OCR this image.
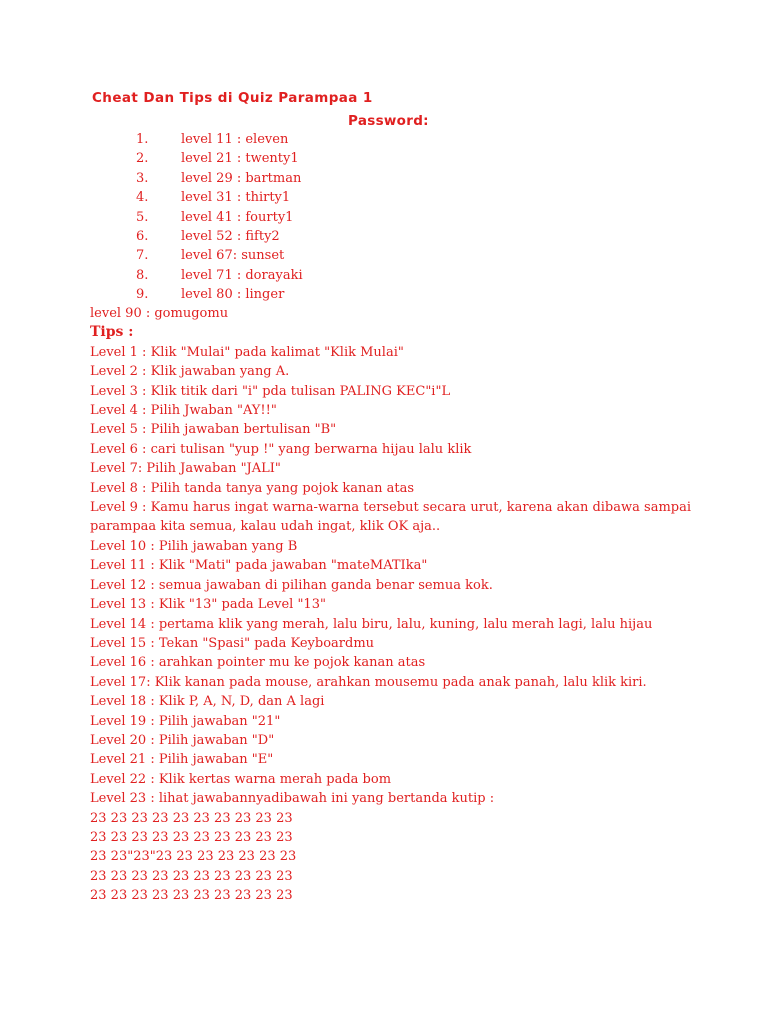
Cheat Dan Tips di Quiz Parampaa 1
Password:
1.	level 11 : eleven
2.	level 21 : twenty1
3.	level 29 : bartman
4.	level 31 : thirty1
5.	level 41 : fourty1
6.	level 52 : fifty2
7.	level 67: sunset
8.	level 71 : dorayaki
9.	level 80 : linger
level 90 : gomugomu
Tips :
Level 1 : Klik "Mulai" pada kalimat "Klik Mulai"
Level 2 : Klik jawaban yang A.
Level 3 : Klik titik dari "i" pda tulisan PALING KEC"i"L
Level 4 : Pilih Jwaban "AY!!"
Level 5 : Pilih jawaban bertulisan "B"
Level 6 : cari tulisan "yup !" yang berwarna hijau lalu klik
Level 7: Pilih Jawaban "JALI"
Level 8 : Pilih tanda tanya yang pojok kanan atas
Level 9 : Kamu harus ingat warna-warna tersebut secara urut, karena akan dibawa sampai parampaa kita semua, kalau udah ingat, klik OK aja..
Level 10 : Pilih jawaban yang B
Level 11 : Klik "Mati" pada jawaban "mateMATIka"
Level 12 : semua jawaban di pilihan ganda benar semua kok.
Level 13 : Klik "13" pada Level "13"
Level 14 : pertama klik yang merah, lalu biru, lalu, kuning, lalu merah lagi, lalu hijau
Level 15 : Tekan "Spasi" pada Keyboardmu
Level 16 : arahkan pointer mu ke pojok kanan atas
Level 17: Klik kanan pada mouse, arahkan mousemu pada anak panah, lalu klik kiri.
Level 18 : Klik P, A, N, D, dan A lagi
Level 19 : Pilih jawaban "21"
Level 20 : Pilih jawaban "D"
Level 21 : Pilih jawaban "E"
Level 22 : Klik kertas warna merah pada bom
Level 23 : lihat jawabannyadibawah ini yang bertanda kutip :
23 23 23 23 23 23 23 23 23 23
23 23 23 23 23 23 23 23 23 23
23 23"23"23 23 23 23 23 23 23
23 23 23 23 23 23 23 23 23 23
23 23 23 23 23 23 23 23 23 23
